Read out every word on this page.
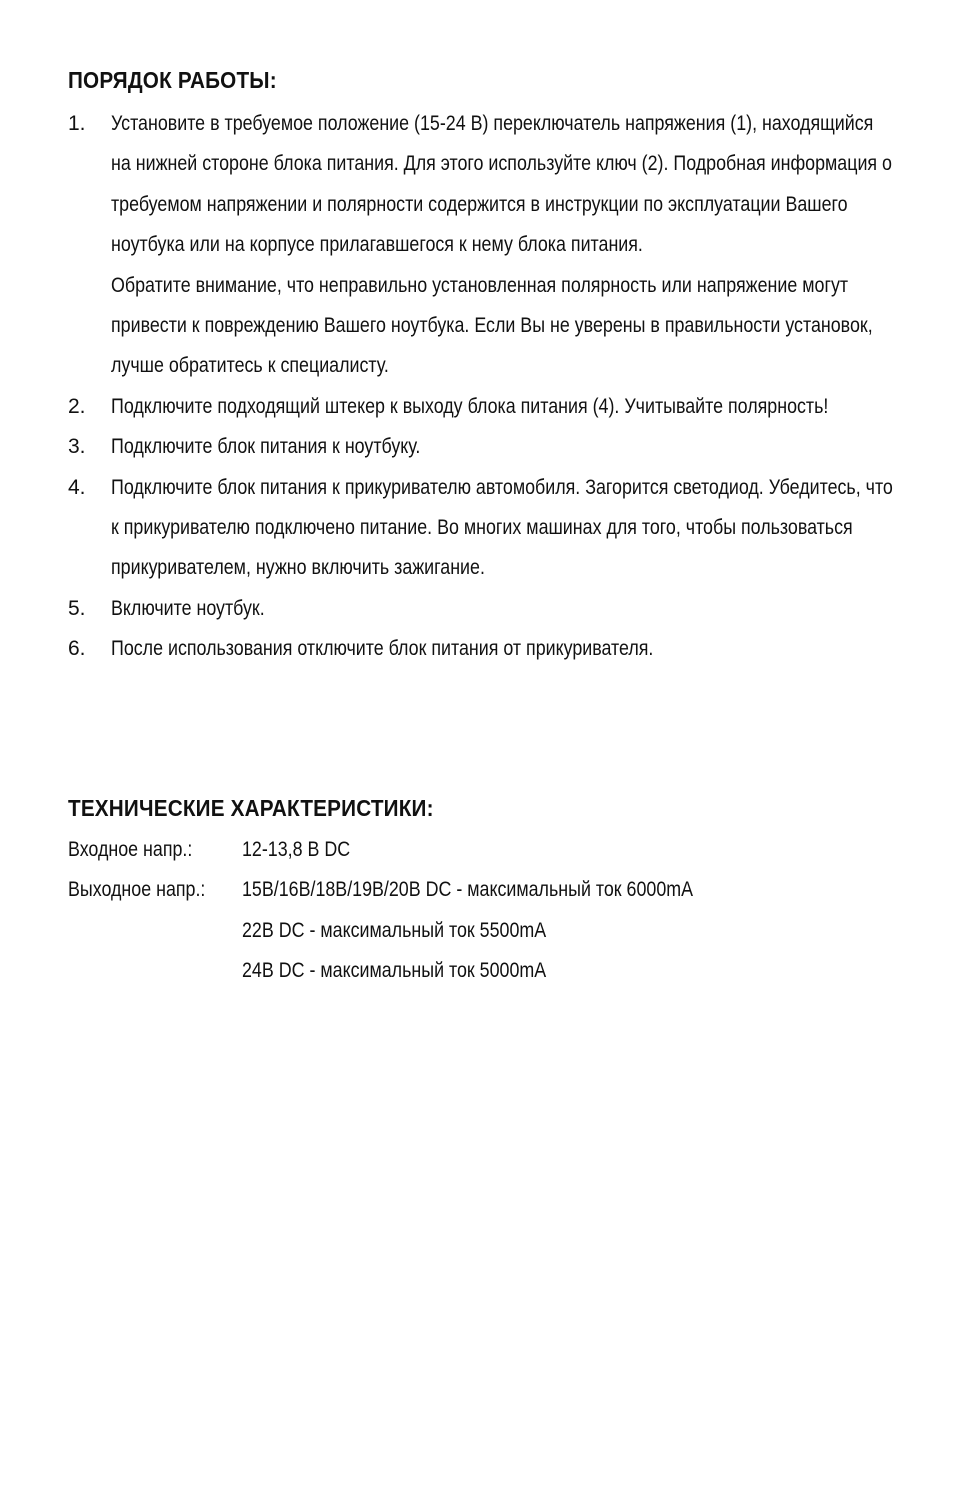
ПОРЯДОК РАБОТЫ:
1. Установите в требуемое положение (15-24 В) переключатель напряжения (1), находящийся на нижней стороне блока питания. Для этого используйте ключ (2). Подробная информация о требуемом напряжении и полярности содержится в инструкции по эксплуатации Вашего ноутбука или на корпусе прилагавшегося к нему блока питания.
Обратите внимание, что неправильно установленная полярность или напряжение могут привести к повреждению Вашего ноутбука. Если Вы не уверены в правильности установок, лучше обратитесь к специалисту.
2. Подключите подходящий штекер к выходу блока питания (4). Учитывайте полярность!
3. Подключите блок питания к ноутбуку.
4. Подключите блок питания к прикуривателю автомобиля. Загорится светодиод. Убедитесь, что к прикуривателю подключено питание. Во многих машинах для того, чтобы пользоваться прикуривателем, нужно включить зажигание.
5. Включите ноутбук.
6. После использования отключите блок питания от прикуривателя.
ТЕХНИЧЕСКИЕ ХАРАКТЕРИСТИКИ:
Входное напр.: 12-13,8 В DC
Выходное напр.: 15В/16В/18В/19В/20В DC - максимальный ток 6000mA
22В DC - максимальный ток 5500mA
24В DC - максимальный ток 5000mA
